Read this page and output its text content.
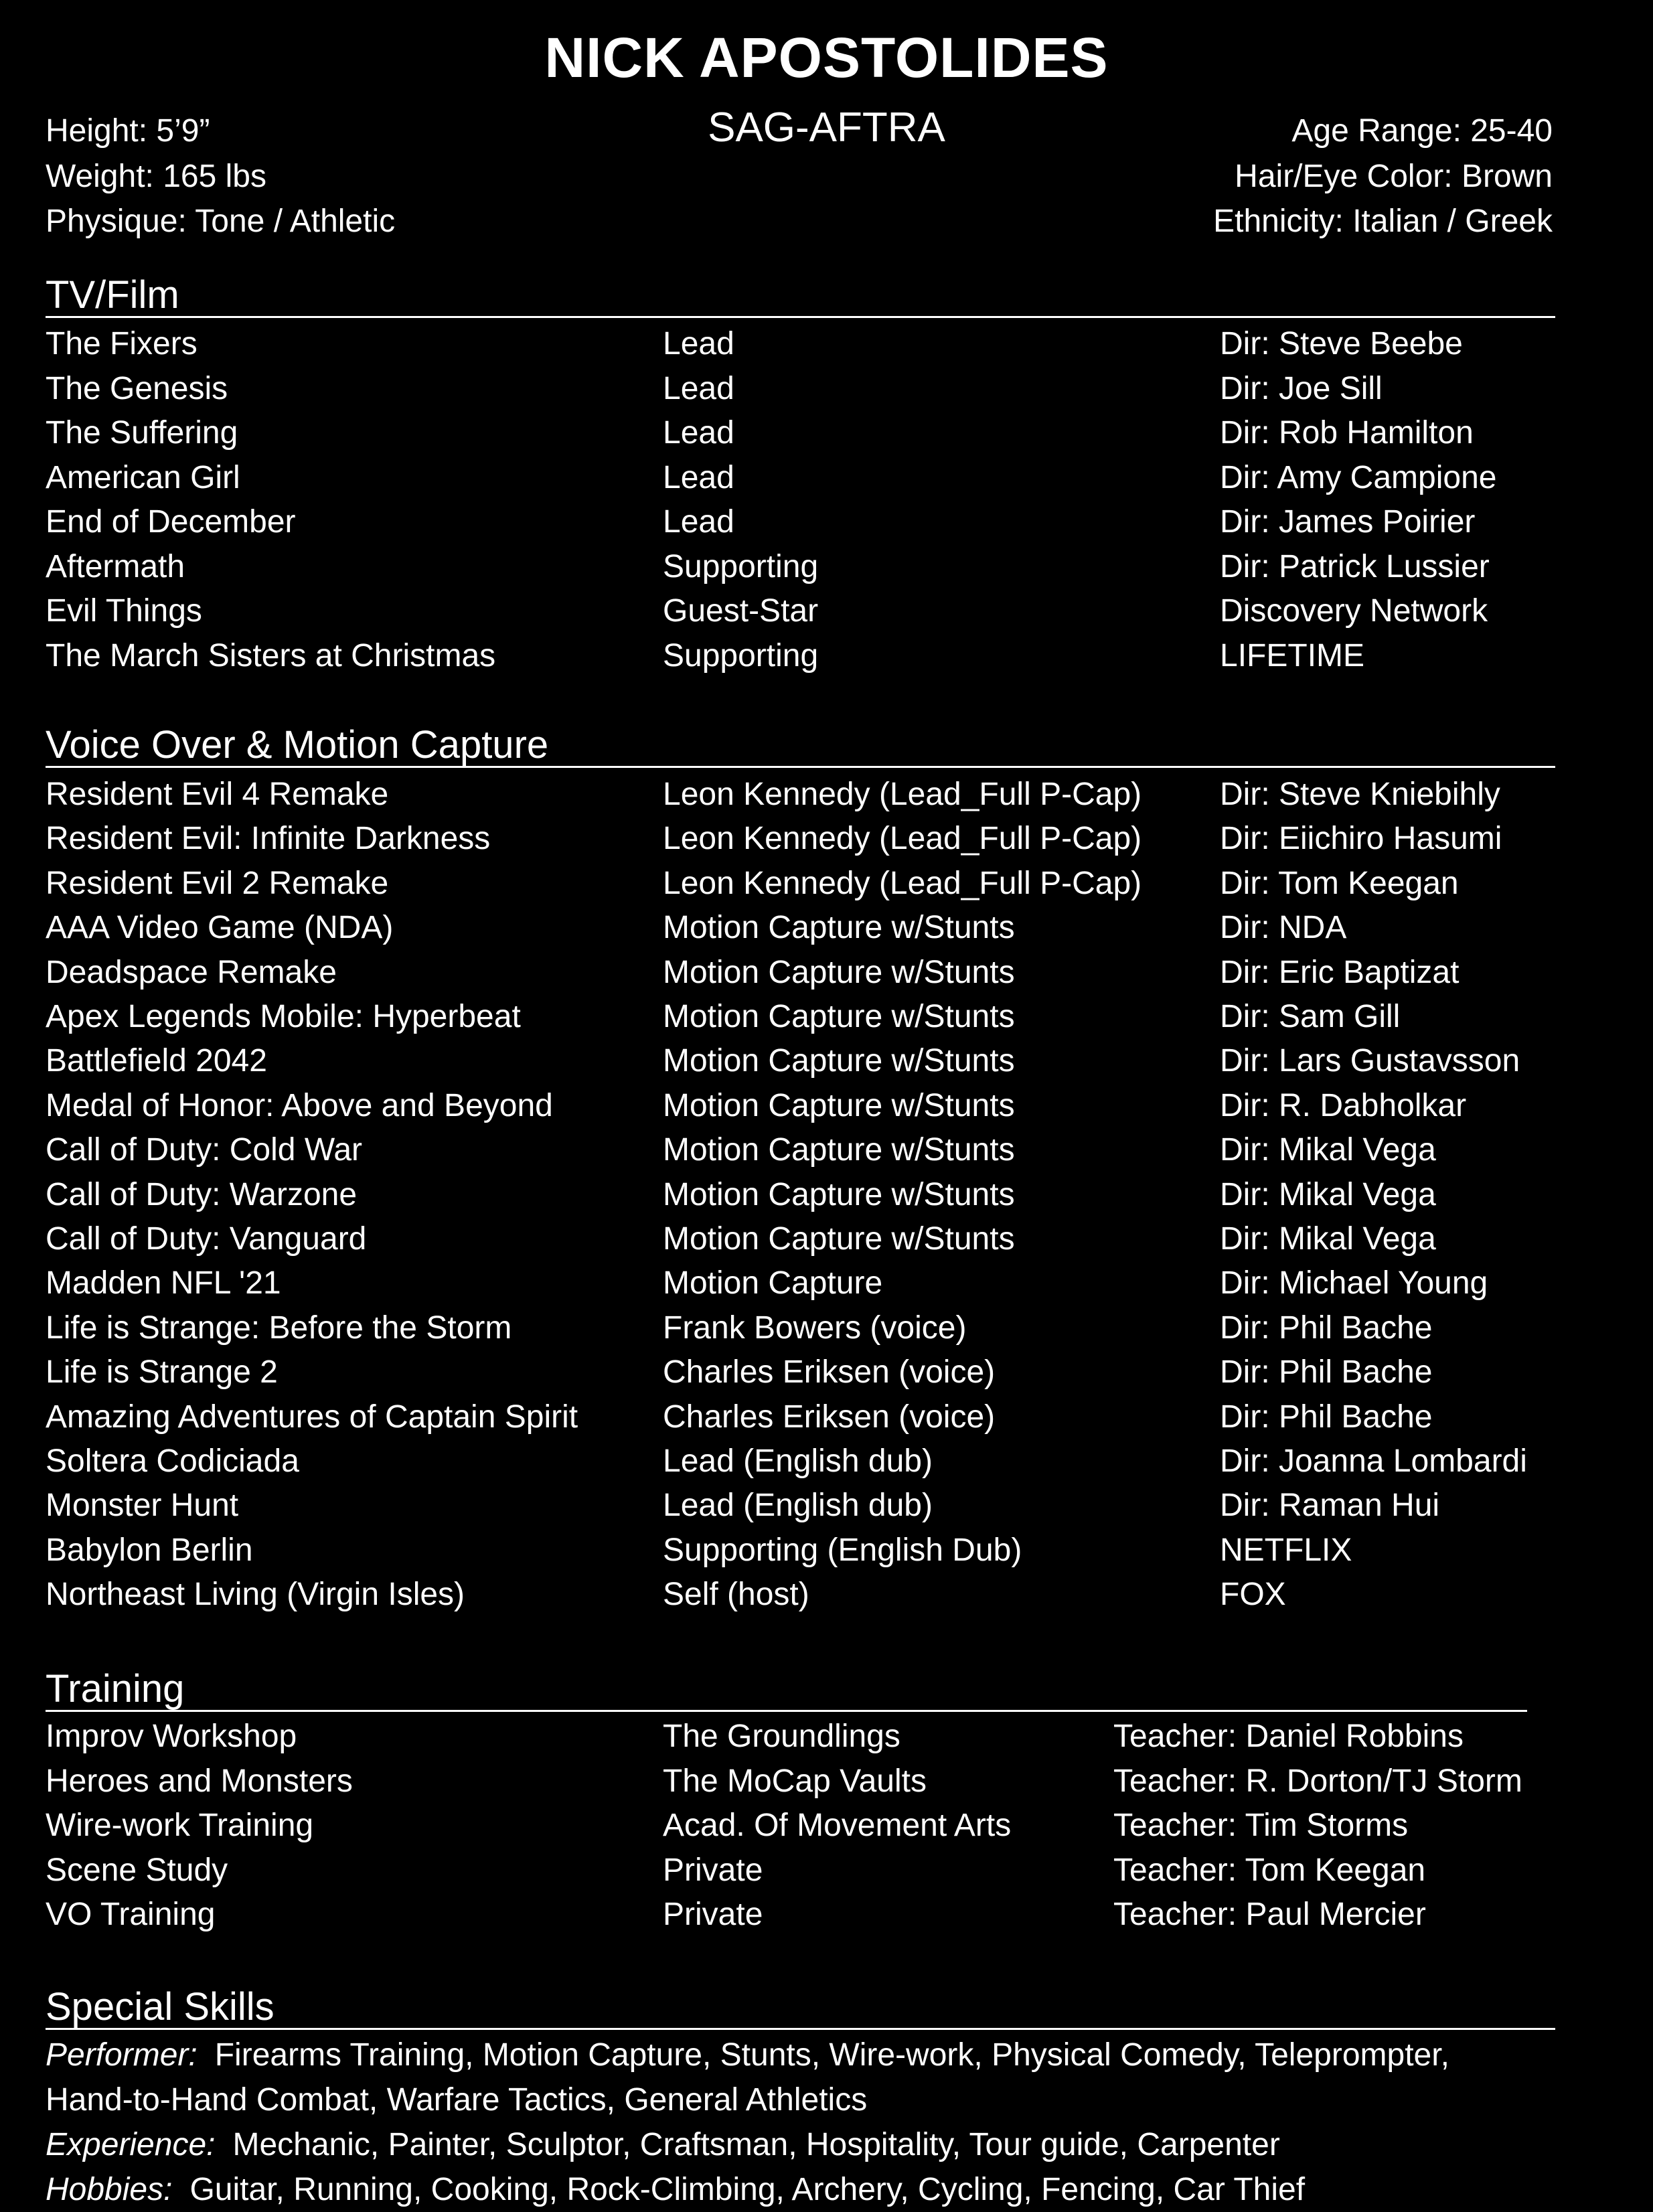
NICK APOSTOLIDES
SAG-AFTRA
Height: 5’9”
Weight: 165 lbs
Physique: Tone / Athletic
Age Range: 25-40
Hair/Eye Color: Brown
Ethnicity: Italian / Greek
TV/Film
The Fixers	Lead	Dir: Steve Beebe
The Genesis	Lead	Dir: Joe Sill
The Suffering	Lead	Dir: Rob Hamilton
American Girl	Lead	Dir: Amy Campione
End of December	Lead	Dir: James Poirier
Aftermath	Supporting	Dir: Patrick Lussier
Evil Things	Guest-Star	Discovery Network
The March Sisters at Christmas	Supporting	LIFETIME
Voice Over & Motion Capture
Resident Evil 4 Remake	Leon Kennedy (Lead_Full P-Cap) Dir: Steve Kniebihly
Resident Evil: Infinite Darkness	Leon Kennedy (Lead_Full P-Cap) Dir: Eiichiro Hasumi
Resident Evil 2 Remake	Leon Kennedy (Lead_Full P-Cap) Dir: Tom Keegan
AAA Video Game (NDA)	Motion Capture w/Stunts	Dir: NDA
Deadspace Remake	Motion Capture w/Stunts	Dir: Eric Baptizat
Apex Legends Mobile: Hyperbeat	Motion Capture w/Stunts	Dir: Sam Gill
Battlefield 2042	Motion Capture w/Stunts	Dir: Lars Gustavsson
Medal of Honor: Above and Beyond	Motion Capture w/Stunts	Dir: R. Dabholkar
Call of Duty: Cold War	Motion Capture w/Stunts	Dir: Mikal Vega
Call of Duty: Warzone	Motion Capture w/Stunts	Dir: Mikal Vega
Call of Duty: Vanguard	Motion Capture w/Stunts	Dir: Mikal Vega
Madden NFL '21	Motion Capture	Dir: Michael Young
Life is Strange: Before the Storm	Frank Bowers (voice)	Dir: Phil Bache
Life is Strange 2	Charles Eriksen (voice)	Dir: Phil Bache
Amazing Adventures of Captain Spirit	Charles Eriksen (voice)	Dir: Phil Bache
Soltera Codiciada	Lead (English dub)	Dir: Joanna Lombardi
Monster Hunt	Lead (English dub)	Dir: Raman Hui
Babylon Berlin	Supporting (English Dub)	NETFLIX
Northeast Living (Virgin Isles)	Self (host)	FOX
Training
Improv Workshop	The Groundlings	Teacher: Daniel Robbins
Heroes and Monsters	The MoCap Vaults	Teacher: R. Dorton/TJ Storm
Wire-work Training	Acad. Of Movement Arts	Teacher: Tim Storms
Scene Study	Private	Teacher: Tom Keegan
VO Training	Private	Teacher: Paul Mercier
Special Skills
Performer: Firearms Training, Motion Capture, Stunts, Wire-work, Physical Comedy, Teleprompter,
Hand-to-Hand Combat, Warfare Tactics, General Athletics
Experience: Mechanic, Painter, Sculptor, Craftsman, Hospitality, Tour guide, Carpenter
Hobbies: Guitar, Running, Cooking, Rock-Climbing, Archery, Cycling, Fencing, Car Thief
